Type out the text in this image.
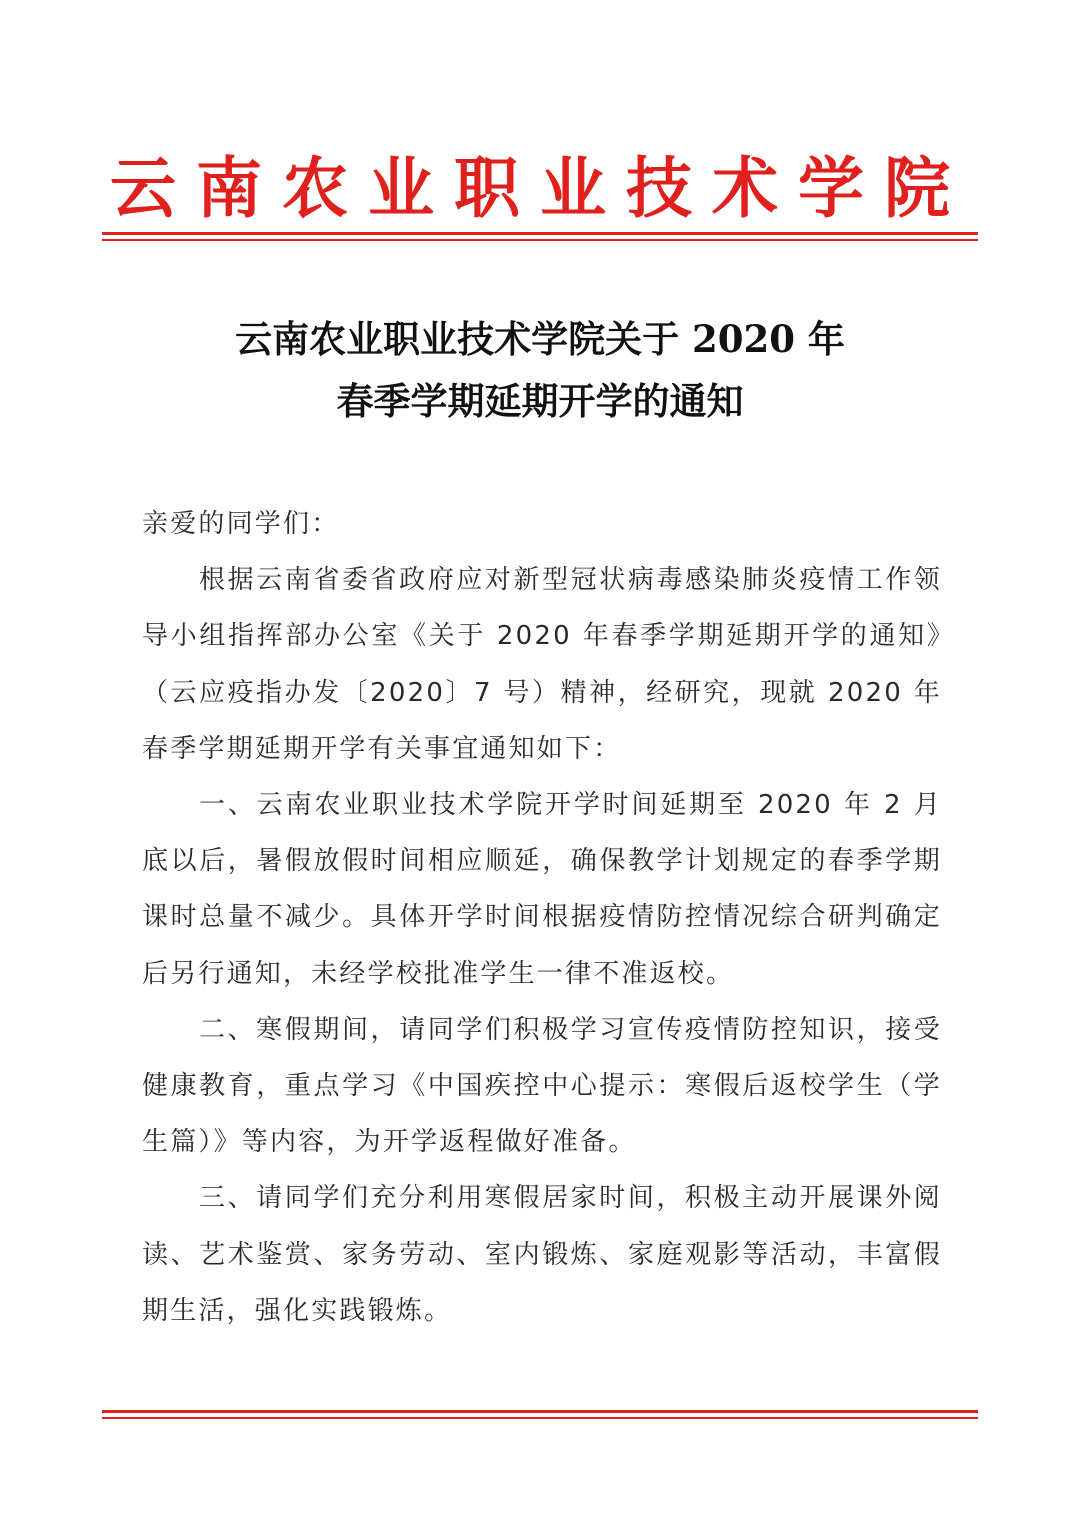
云南农业职业技术学院
云南农业职业技术学院关于 2020 年
春季学期延期开学的通知

亲爱的同学们：

根据云南省委省政府应对新型冠状病毒感染肺炎疫情工作领导小组指挥部办公室《关于 2020 年春季学期延期开学的通知》（云应疫指办发〔2020〕7 号）精神，经研究，现就 2020 年春季学期延期开学有关事宜通知如下：

一、云南农业职业技术学院开学时间延期至 2020 年 2 月底以后，暑假放假时间相应顺延，确保教学计划规定的春季学期课时总量不减少。具体开学时间根据疫情防控情况综合研判确定后另行通知，未经学校批准学生一律不准返校。

二、寒假期间，请同学们积极学习宣传疫情防控知识，接受健康教育，重点学习《中国疾控中心提示：寒假后返校学生（学生篇）》等内容，为开学返程做好准备。

三、请同学们充分利用寒假居家时间，积极主动开展课外阅读、艺术鉴赏、家务劳动、室内锻炼、家庭观影等活动，丰富假期生活，强化实践锻炼。
